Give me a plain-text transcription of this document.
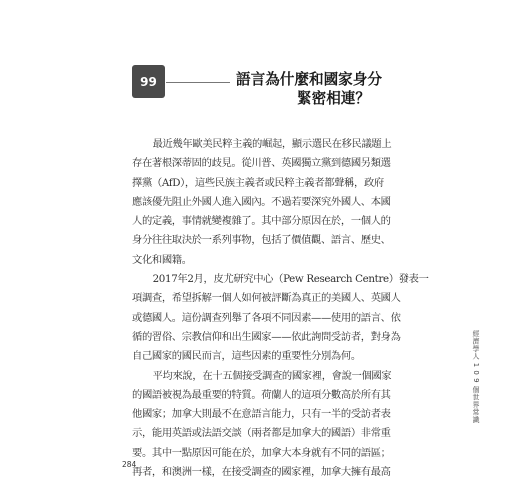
99	語言為什麼和國家身分
緊密相連？
最近幾年歐美民粹主義的崛起，顯示選民在移民議題上
存在著根深蒂固的歧見。從川普、英國獨立黨到德國另類選
擇黨（AfD），這些民族主義者或民粹主義者都聲稱，政府
應該優先阻止外國人進入國內。不過若要深究外國人、本國
人的定義，事情就變複雜了。其中部分原因在於，一個人的
身分往往取決於一系列事物，包括了價值觀、語言、歷史、
文化和國籍。
2017年2月，皮尤研究中心（Pew Research Centre）發表一
項調查，希望拆解一個人如何被評斷為真正的美國人、英國人
或德國人。這份調查列舉了各項不同因素——使用的語言、依
循的習俗、宗教信仰和出生國家——依此詢問受訪者，對身為
自己國家的國民而言，這些因素的重要性分別為何。
平均來說，在十五個接受調查的國家裡，會說一個國家
的國語被視為最重要的特質。荷蘭人的這項分數高於所有其
他國家；加拿大則最不在意語言能力，只有一半的受訪者表
示，能用英語或法語交談（兩者都是加拿大的國語）非常重
要。其中一點原因可能在於，加拿大本身就有不同的語區；
再者，和澳洲一樣，在接受調查的國家裡，加拿大擁有最高
經濟學人 1 0 9 個世界常識
284
